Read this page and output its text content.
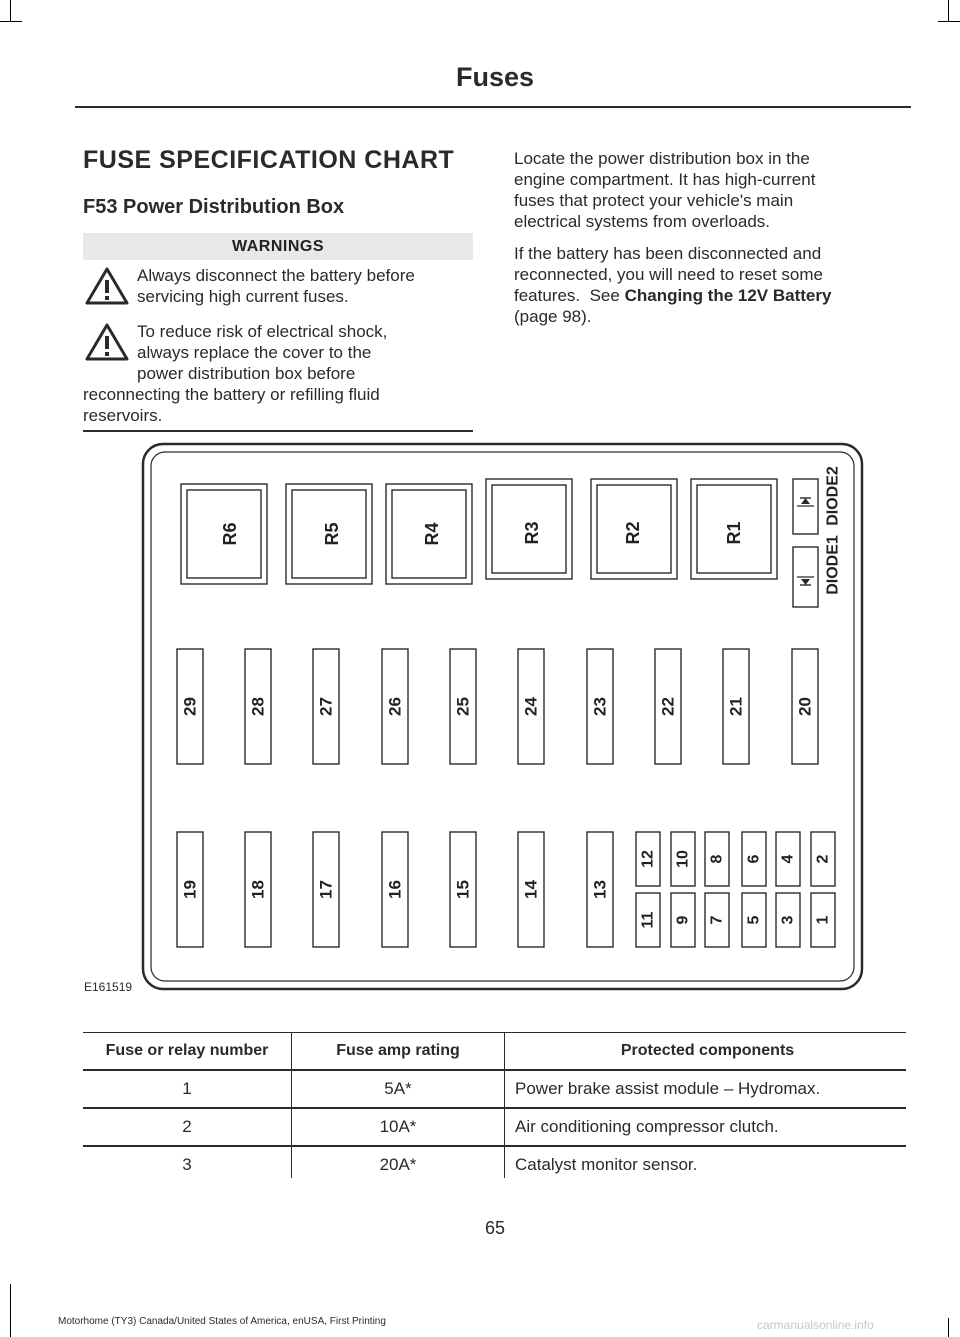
Fuses
FUSE SPECIFICATION CHART
F53 Power Distribution Box
WARNINGS
Always disconnect the battery before
servicing high current fuses.
To reduce risk of electrical shock,
always replace the cover to the
power distribution box before
reconnecting the battery or refilling fluid
reservoirs.
Locate the power distribution box in the
engine compartment. It has high-current
fuses that protect your vehicle's main
electrical systems from overloads.
If the battery has been disconnected and
reconnected, you will need to reset some
features.  See Changing the 12V Battery
(page 98).
R6	R5	R4	R3	R2	R1
DIODE1
DIODE2
29	28	27	26	25	24	23	22	21	20
19	18	17	16	15	14	13
12
11
10
9
8
7
6
5
4
3
2
1
E161519
Fuse or relay number	Fuse amp rating	Protected components
1	5A*	Power brake assist module – Hydromax.
2	10A*	Air conditioning compressor clutch.
3	20A*	Catalyst monitor sensor.
65
Motorhome (TY3) Canada/United States of America, enUSA, First Printing	carmanualsonline.info
